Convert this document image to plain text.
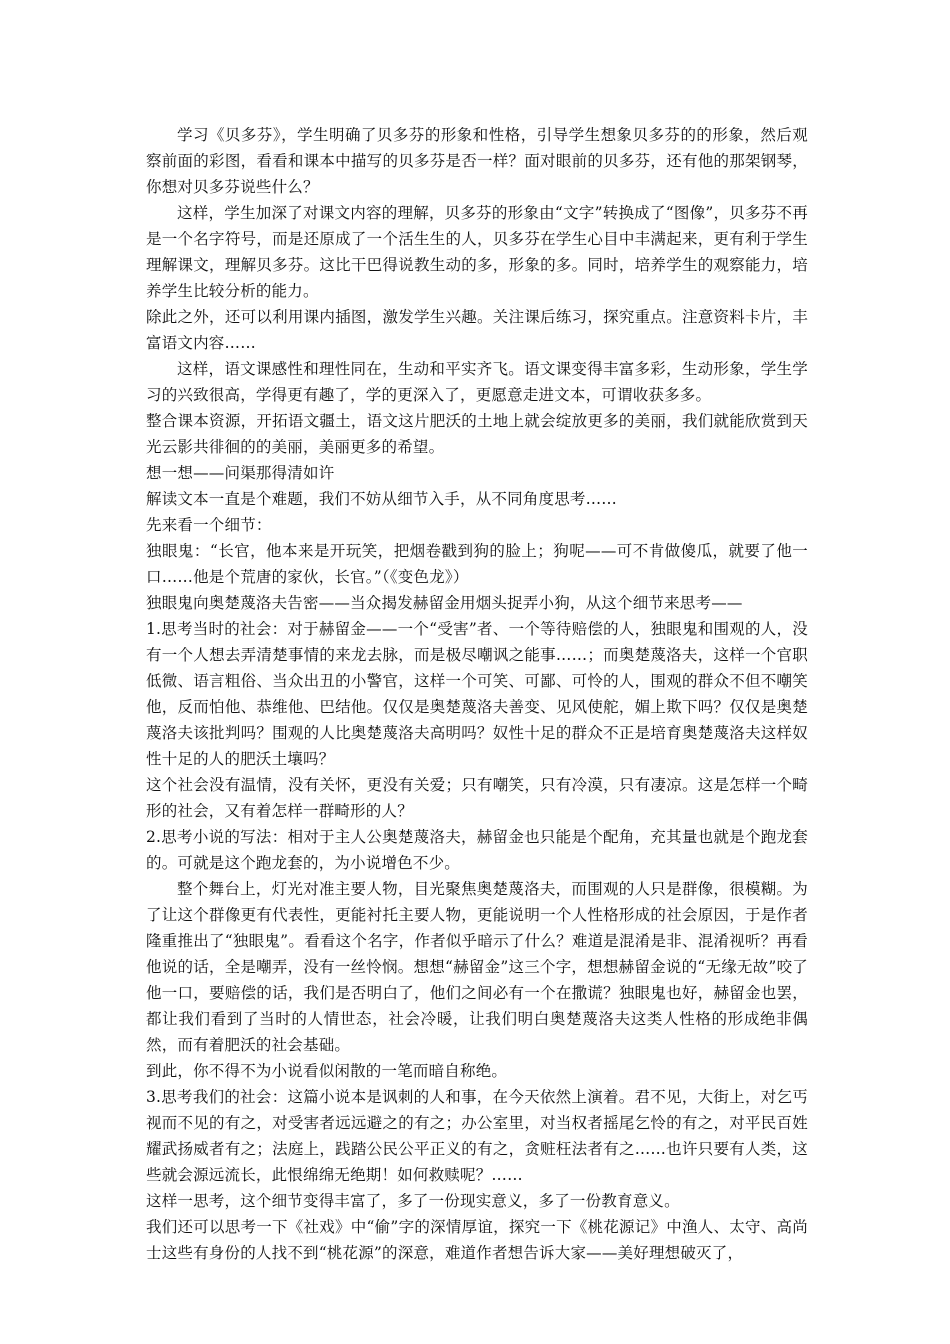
学习《贝多芬》，学生明确了贝多芬的形象和性格，引导学生想象贝多芬的的形象，然后观察前面的彩图，看看和课本中描写的贝多芬是否一样？面对眼前的贝多芬，还有他的那架钢琴，你想对贝多芬说些什么？

这样，学生加深了对课文内容的理解，贝多芬的形象由“文字”转换成了“图像”，贝多芬不再是一个名字符号，而是还原成了一个活生生的人，贝多芬在学生心目中丰满起来，更有利于学生理解课文，理解贝多芬。这比干巴得说教生动的多，形象的多。同时，培养学生的观察能力，培养学生比较分析的能力。

除此之外，还可以利用课内插图，激发学生兴趣。关注课后练习，探究重点。注意资料卡片，丰富语文内容……

这样，语文课感性和理性同在，生动和平实齐飞。语文课变得丰富多彩，生动形象，学生学习的兴致很高，学得更有趣了，学的更深入了，更愿意走进文本，可谓收获多多。

整合课本资源，开拓语文疆土，语文这片肥沃的土地上就会绽放更多的美丽，我们就能欣赏到天光云影共徘徊的的美丽，美丽更多的希望。

想一想——问渠那得清如许

解读文本一直是个难题，我们不妨从细节入手，从不同角度思考……

先来看一个细节：

独眼鬼：“长官，他本来是开玩笑，把烟卷戳到狗的脸上；狗呢——可不肯做傻瓜，就要了他一口……他是个荒唐的家伙，长官。”（《变色龙》）

独眼鬼向奥楚蔑洛夫告密——当众揭发赫留金用烟头捉弄小狗，从这个细节来思考——

1.思考当时的社会：对于赫留金——一个“受害”者、一个等待赔偿的人，独眼鬼和围观的人，没有一个人想去弄清楚事情的来龙去脉，而是极尽嘲讽之能事……；而奥楚蔑洛夫，这样一个官职低微、语言粗俗、当众出丑的小警官，这样一个可笑、可鄙、可怜的人，围观的群众不但不嘲笑他，反而怕他、恭维他、巴结他。仅仅是奥楚蔑洛夫善变、见风使舵，媚上欺下吗？仅仅是奥楚蔑洛夫该批判吗？围观的人比奥楚蔑洛夫高明吗？奴性十足的群众不正是培育奥楚蔑洛夫这样奴性十足的人的肥沃土壤吗？

这个社会没有温情，没有关怀，更没有关爱；只有嘲笑，只有冷漠，只有凄凉。这是怎样一个畸形的社会，又有着怎样一群畸形的人？

2.思考小说的写法：相对于主人公奥楚蔑洛夫，赫留金也只能是个配角，充其量也就是个跑龙套的。可就是这个跑龙套的，为小说增色不少。

整个舞台上，灯光对准主要人物，目光聚焦奥楚蔑洛夫，而围观的人只是群像，很模糊。为了让这个群像更有代表性，更能衬托主要人物，更能说明一个人性格形成的社会原因，于是作者隆重推出了“独眼鬼”。看看这个名字，作者似乎暗示了什么？难道是混淆是非、混淆视听？再看他说的话，全是嘲弄，没有一丝怜悯。想想“赫留金”这三个字，想想赫留金说的“无缘无故”咬了他一口，要赔偿的话，我们是否明白了，他们之间必有一个在撒谎？独眼鬼也好，赫留金也罢，都让我们看到了当时的人情世态，社会冷暖，让我们明白奥楚蔑洛夫这类人性格的形成绝非偶然，而有着肥沃的社会基础。

到此，你不得不为小说看似闲散的一笔而暗自称绝。

3.思考我们的社会：这篇小说本是讽刺的人和事，在今天依然上演着。君不见，大街上，对乞丐视而不见的有之，对受害者远远避之的有之；办公室里，对当权者摇尾乞怜的有之，对平民百姓耀武扬威者有之；法庭上，践踏公民公平正义的有之，贪赃枉法者有之……也许只要有人类，这些就会源远流长，此恨绵绵无绝期！如何救赎呢？……

这样一思考，这个细节变得丰富了，多了一份现实意义，多了一份教育意义。

我们还可以思考一下《社戏》中“偷”字的深情厚谊，探究一下《桃花源记》中渔人、太守、高尚士这些有身份的人找不到“桃花源”的深意，难道作者想告诉大家——美好理想破灭了，
